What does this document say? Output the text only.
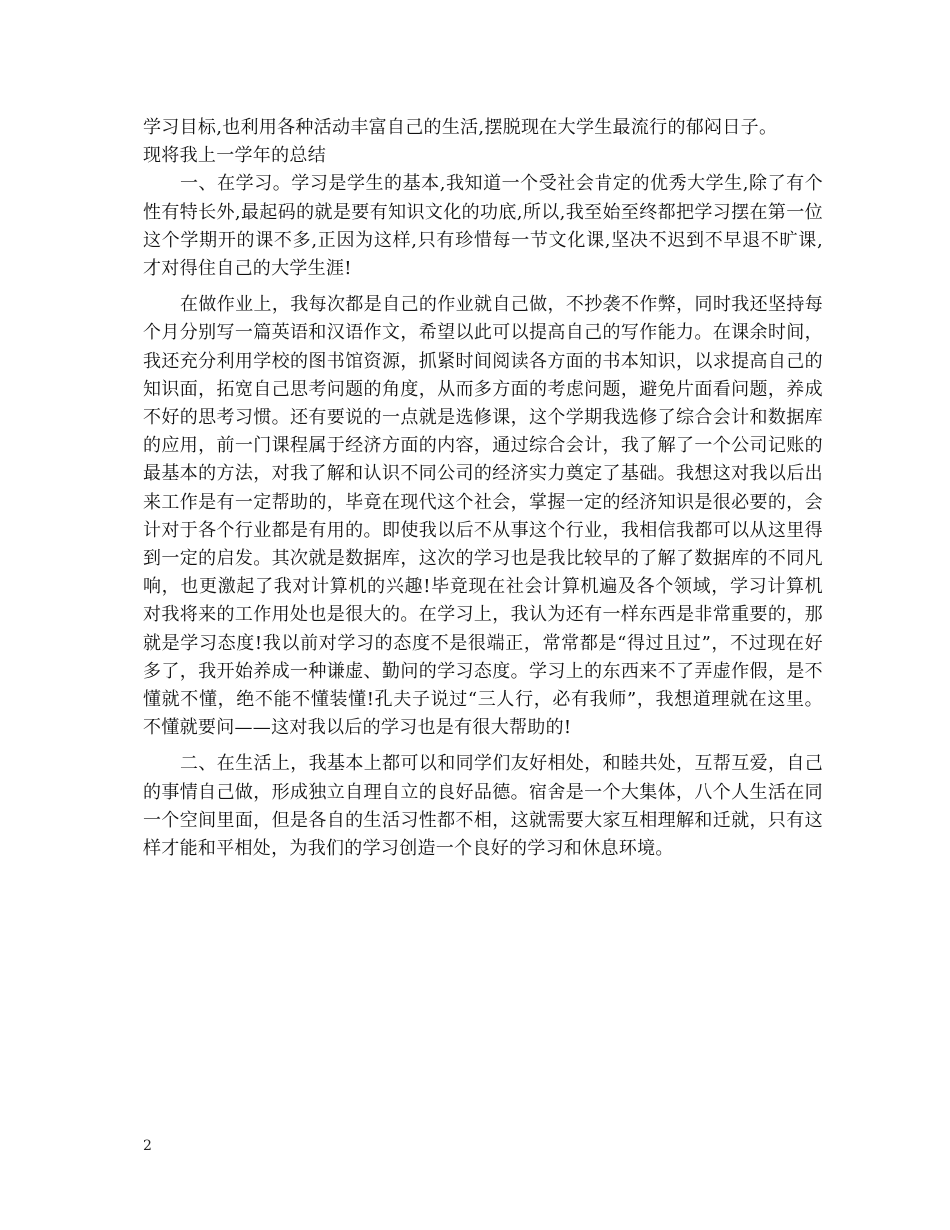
学习目标,也利用各种活动丰富自己的生活,摆脱现在大学生最流行的郁闷日子。

现将我上一学年的总结

一、在学习。学习是学生的基本,我知道一个受社会肯定的优秀大学生,除了有个性有特长外,最起码的就是要有知识文化的功底,所以,我至始至终都把学习摆在第一位这个学期开的课不多,正因为这样,只有珍惜每一节文化课,坚决不迟到不早退不旷课,才对得住自己的大学生涯!

在做作业上，我每次都是自己的作业就自己做，不抄袭不作弊，同时我还坚持每个月分别写一篇英语和汉语作文，希望以此可以提高自己的写作能力。在课余时间，我还充分利用学校的图书馆资源，抓紧时间阅读各方面的书本知识，以求提高自己的知识面，拓宽自己思考问题的角度，从而多方面的考虑问题，避免片面看问题，养成不好的思考习惯。还有要说的一点就是选修课，这个学期我选修了综合会计和数据库的应用，前一门课程属于经济方面的内容，通过综合会计，我了解了一个公司记账的最基本的方法，对我了解和认识不同公司的经济实力奠定了基础。我想这对我以后出来工作是有一定帮助的，毕竟在现代这个社会，掌握一定的经济知识是很必要的，会计对于各个行业都是有用的。即使我以后不从事这个行业，我相信我都可以从这里得到一定的启发。其次就是数据库，这次的学习也是我比较早的了解了数据库的不同凡响，也更激起了我对计算机的兴趣!毕竟现在社会计算机遍及各个领域，学习计算机对我将来的工作用处也是很大的。在学习上，我认为还有一样东西是非常重要的，那就是学习态度!我以前对学习的态度不是很端正，常常都是“得过且过”，不过现在好多了，我开始养成一种谦虚、勤问的学习态度。学习上的东西来不了弄虚作假，是不懂就不懂，绝不能不懂装懂!孔夫子说过“三人行，必有我师”，我想道理就在这里。不懂就要问——这对我以后的学习也是有很大帮助的!

二、在生活上，我基本上都可以和同学们友好相处，和睦共处，互帮互爱，自己的事情自己做，形成独立自理自立的良好品德。宿舍是一个大集体，八个人生活在同一个空间里面，但是各自的生活习性都不相，这就需要大家互相理解和迁就，只有这样才能和平相处，为我们的学习创造一个良好的学习和休息环境。

2
